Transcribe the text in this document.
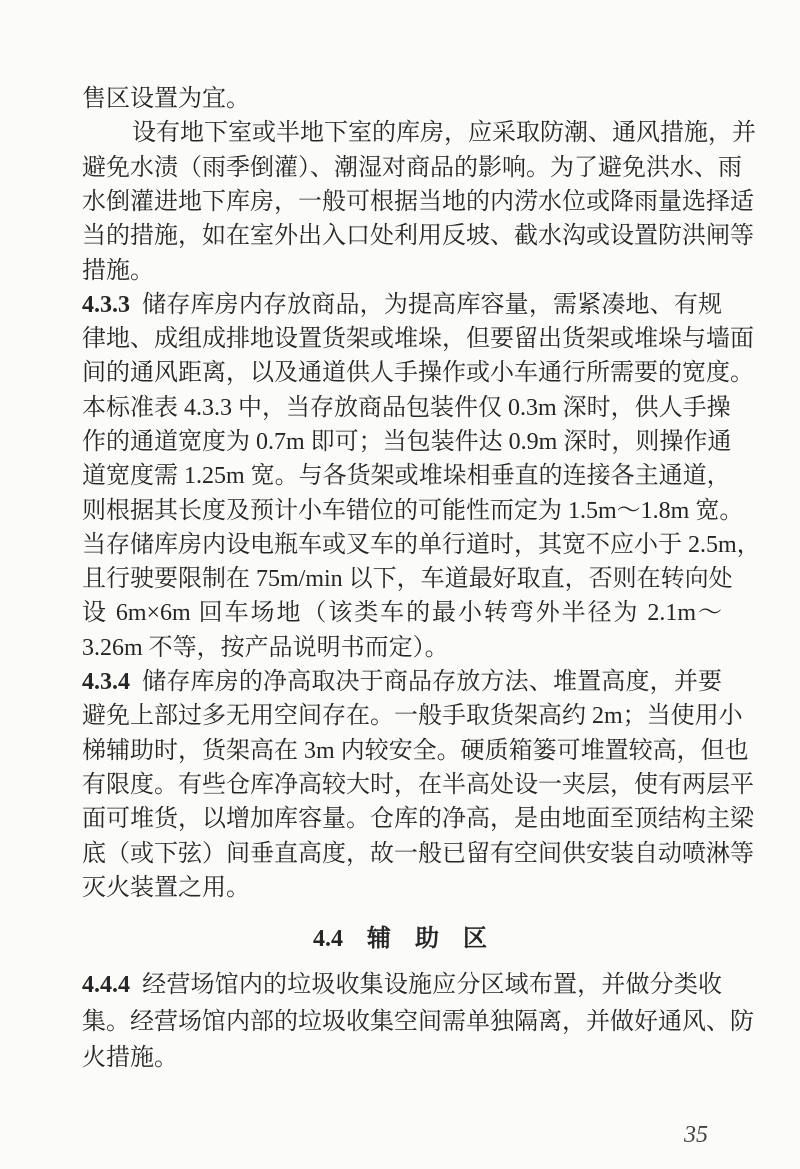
售区设置为宜。
设有地下室或半地下室的库房，应采取防潮、通风措施，并
避免水渍（雨季倒灌）、潮湿对商品的影响。为了避免洪水、雨
水倒灌进地下库房，一般可根据当地的内涝水位或降雨量选择适
当的措施，如在室外出入口处利用反坡、截水沟或设置防洪闸等
措施。
4.3.3 储存库房内存放商品，为提高库容量，需紧凑地、有规
律地、成组成排地设置货架或堆垛，但要留出货架或堆垛与墙面
间的通风距离，以及通道供人手操作或小车通行所需要的宽度。
本标准表 4.3.3 中，当存放商品包装件仅 0.3m 深时，供人手操
作的通道宽度为 0.7m 即可；当包装件达 0.9m 深时，则操作通
道宽度需 1.25m 宽。与各货架或堆垛相垂直的连接各主通道，
则根据其长度及预计小车错位的可能性而定为 1.5m～1.8m 宽。
当存储库房内设电瓶车或叉车的单行道时，其宽不应小于 2.5m，
且行驶要限制在 75m/min 以下，车道最好取直，否则在转向处
设 6m×6m 回车场地（该类车的最小转弯外半径为 2.1m～
3.26m 不等，按产品说明书而定）。
4.3.4 储存库房的净高取决于商品存放方法、堆置高度，并要
避免上部过多无用空间存在。一般手取货架高约 2m；当使用小
梯辅助时，货架高在 3m 内较安全。硬质箱篓可堆置较高，但也
有限度。有些仓库净高较大时，在半高处设一夹层，使有两层平
面可堆货，以增加库容量。仓库的净高，是由地面至顶结构主梁
底（或下弦）间垂直高度，故一般已留有空间供安装自动喷淋等
灭火装置之用。
4.4 辅 助 区
4.4.4 经营场馆内的垃圾收集设施应分区域布置，并做分类收
集。经营场馆内部的垃圾收集空间需单独隔离，并做好通风、防
火措施。
35
